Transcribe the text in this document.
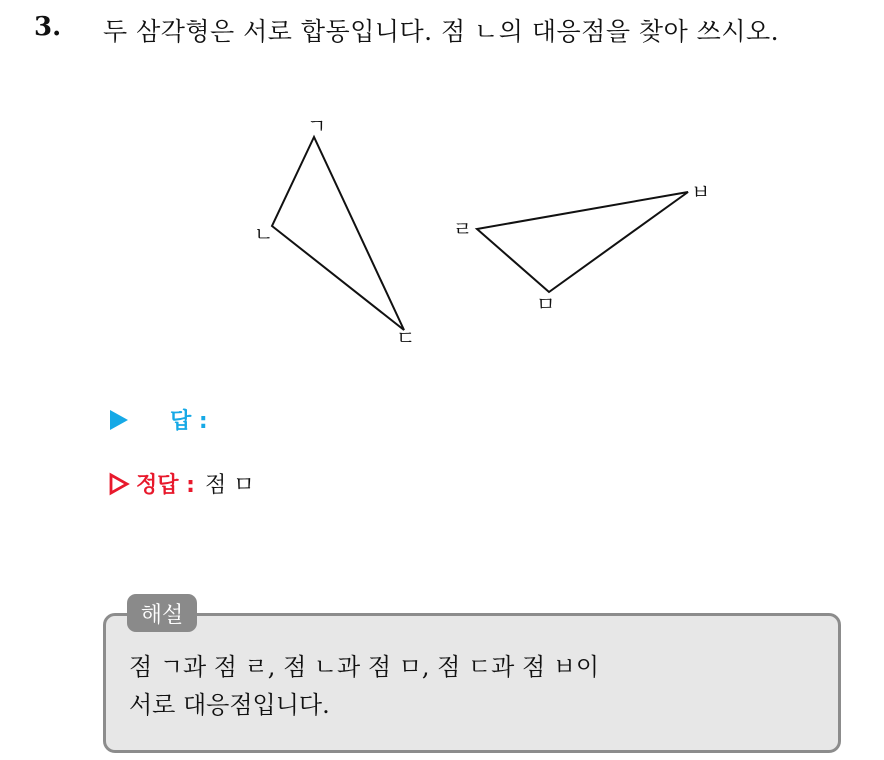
3. 두 삼각형은 서로 합동입니다. 점 ㄴ의 대응점을 찾아 쓰시오.
ㄱ
ㄴ
ㄷ
ㄹ
ㅁ
ㅂ
답 :
정답 : 점 ㅁ
해설
점 ㄱ과 점 ㄹ, 점 ㄴ과 점 ㅁ, 점 ㄷ과 점 ㅂ이
서로 대응점입니다.
